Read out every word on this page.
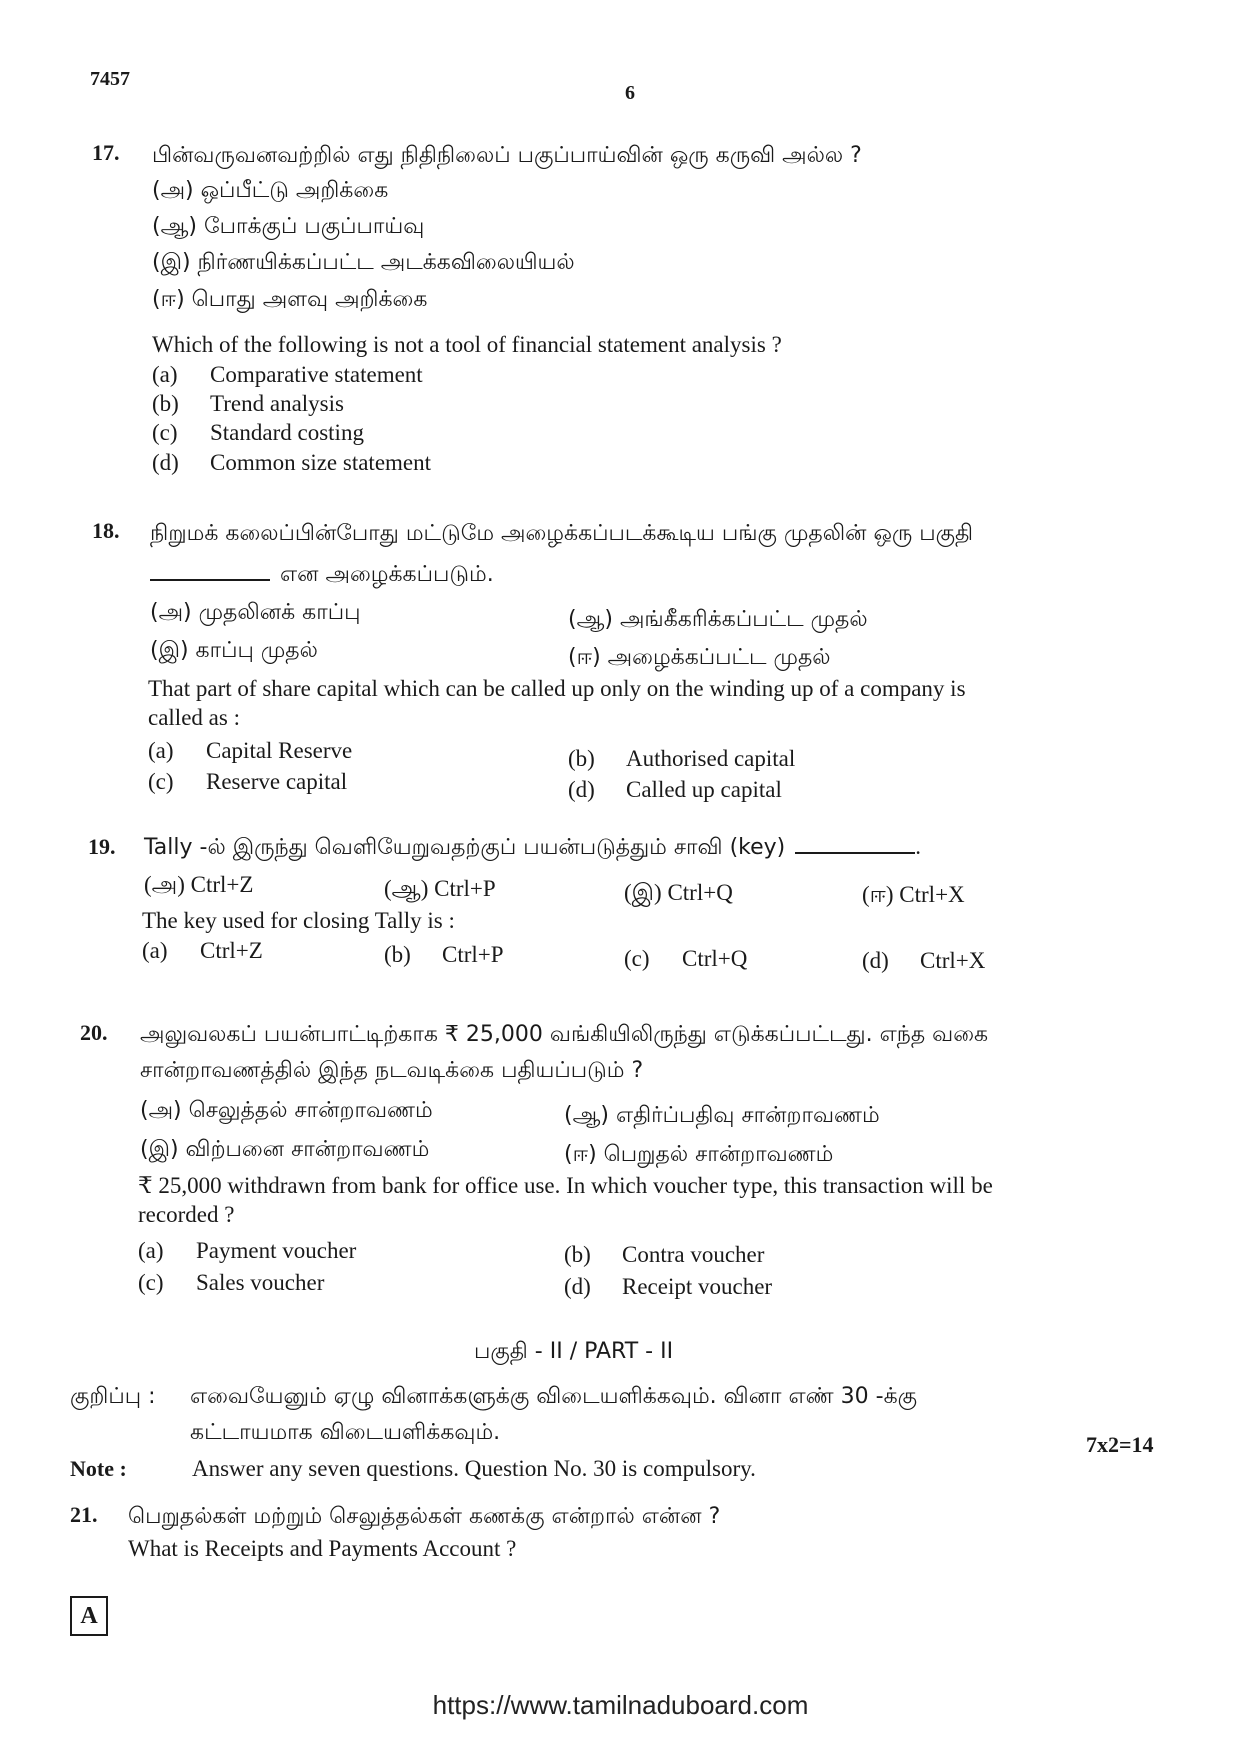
7457
6
17. பின்வருவனவற்றில் எது நிதிநிலைப் பகுப்பாய்வின் ஒரு கருவி அல்ல ?
(அ) ஒப்பீட்டு அறிக்கை
(ஆ) போக்குப் பகுப்பாய்வு
(இ) நிர்ணயிக்கப்பட்ட அடக்கவிலையியல்
(ஈ) பொது அளவு அறிக்கை
Which of the following is not a tool of financial statement analysis ?
(a) Comparative statement
(b) Trend analysis
(c) Standard costing
(d) Common size statement
18. நிறுமக் கலைப்பின்போது மட்டுமே அழைக்கப்படக்கூடிய பங்கு முதலின் ஒரு பகுதி
என அழைக்கப்படும்.
(அ) முதலினக் காப்பு	(ஆ) அங்கீகரிக்கப்பட்ட முதல்
(இ) காப்பு முதல்	(ஈ) அழைக்கப்பட்ட முதல்
That part of share capital which can be called up only on the winding up of a company is
called as :
(a) Capital Reserve	(b) Authorised capital
(c) Reserve capital	(d) Called up capital
19. Tally -ல் இருந்து வெளியேறுவதற்குப் பயன்படுத்தும் சாவி (key)	.
(அ) Ctrl+Z	(ஆ) Ctrl+P	(இ) Ctrl+Q	(ஈ) Ctrl+X
The key used for closing Tally is :
(a) Ctrl+Z	(b) Ctrl+P	(c) Ctrl+Q	(d) Ctrl+X
20. அலுவலகப் பயன்பாட்டிற்காக ₹ 25,000 வங்கியிலிருந்து எடுக்கப்பட்டது. எந்த வகை
சான்றாவணத்தில் இந்த நடவடிக்கை பதியப்படும் ?
(அ) செலுத்தல் சான்றாவணம்	(ஆ) எதிர்ப்பதிவு சான்றாவணம்
(இ) விற்பனை சான்றாவணம்	(ஈ) பெறுதல் சான்றாவணம்
₹ 25,000 withdrawn from bank for office use. In which voucher type, this transaction will be
recorded ?
(a) Payment voucher	(b) Contra voucher
(c) Sales voucher	(d) Receipt voucher
பகுதி - II / PART - II
குறிப்பு : எவையேனும் ஏழு வினாக்களுக்கு விடையளிக்கவும். வினா எண் 30 -க்கு
கட்டாயமாக விடையளிக்கவும்.	7x2=14
Note :	Answer any seven questions. Question No. 30 is compulsory.
21. பெறுதல்கள் மற்றும் செலுத்தல்கள் கணக்கு என்றால் என்ன ?
What is Receipts and Payments Account ?
A
https://www.tamilnaduboard.com
